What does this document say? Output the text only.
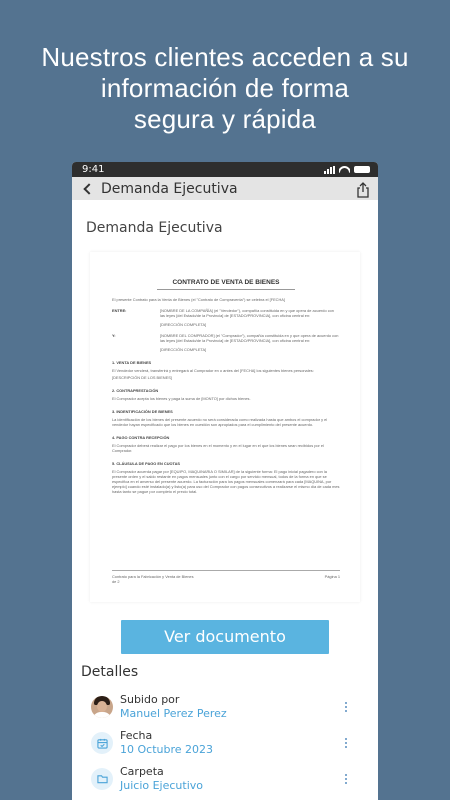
Nuestros clientes acceden a su
información de forma
segura y rápida
9:41
Demanda Ejecutiva
Demanda Ejecutiva
CONTRATO DE VENTA DE BIENES

El presente Contrato para la Venta de Bienes (el "Contrato de Compraventa") se celebra el [FECHA]

ENTRE:	[NOMBRE DE LA COMPAÑÍA] (el "Vendedor"), compañía constituida en y que opera de acuerdo con las leyes [del Estado/de la Provincia] de [ESTADO/PROVINCIA], con oficina central en:
[DIRECCIÓN COMPLETA]
Y:	[NOMBRE DEL COMPRADOR] (el "Comprador"), compañía constituida en y que opera de acuerdo con las leyes [del Estado/de la Provincia] de [ESTADO/PROVINCIA], con oficina central en:
[DIRECCIÓN COMPLETA]
1. VENTA DE BIENES

El Vendedor venderá, transferirá y entregará al Comprador en o antes del [FECHA] los siguientes bienes personales:

[DESCRIPCIÓN DE LOS BIENES]

2. CONTRAPRESTACIÓN

El Comprador acepta los bienes y paga la suma de [MONTO] por dichos bienes.

3. INDENTIFICACIÓN DE BIENES

La identificación de los bienes del presente acuerdo no será considerada como realizada hasta que ambos el comprador y el vendedor hayan especificado que los bienes en cuestión son apropiados para el cumplimiento del presente acuerdo.

4. PAGO CONTRA RECEPCIÓN

El Comprador deberá realizar el pago por los bienes en el momento y en el lugar en el que los bienes sean recibidos por el Comprador.

5. CLÁUSULA DE PAGO EN CUOTAS

El Comprador acuerda pagar por [EQUIPO, MAQUINARIA O SIMILAR] de la siguiente forma: El pago inicial pagadero con la presente orden y el saldo restante en pagos mensuales junto con el cargo por servicio mensual, todos de la forma en que se especifica en el anverso del presente acuerdo. La facturación para los pagos mensuales comenzará para cada [MAQUINA, por ejemplo] cuando esté instalado(a) y listo(a) para uso del Comprador con pagos consecutivos a realizarse el mismo día de cada mes hasta tanto se pague por completo el precio total.

Contrato para la Fabricación y Venta de Bienes
de 2
Página 1
Ver documento
Detalles
Subido por
Manuel Perez Perez
Fecha
10 Octubre 2023
Carpeta
Juicio Ejecutivo
